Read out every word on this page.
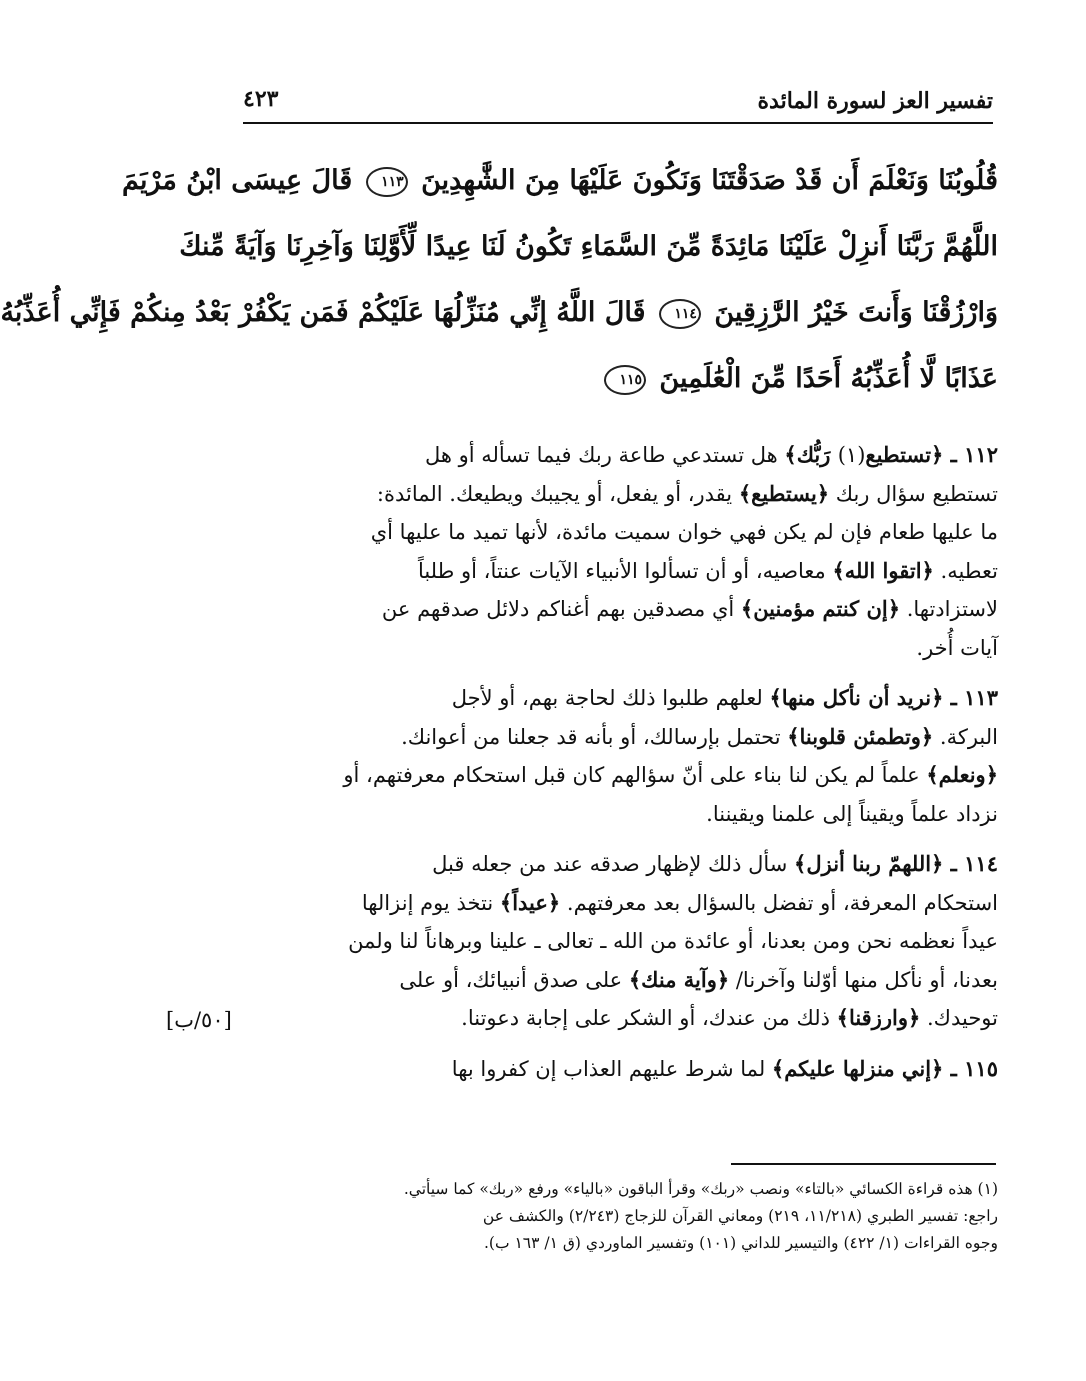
تفسير العز لسورة المائدة
٤٢٣
قُلُوبُنَا وَنَعْلَمَ أَن قَدْ صَدَقْتَنَا وَنَكُونَ عَلَيْهَا مِنَ الشَّٰهِدِينَ ١١٣ قَالَ عِيسَى ابْنُ مَرْيَمَ
اللَّهُمَّ رَبَّنَا أَنزِلْ عَلَيْنَا مَائِدَةً مِّنَ السَّمَاءِ تَكُونُ لَنَا عِيدًا لِّأَوَّلِنَا وَآخِرِنَا وَآيَةً مِّنكَ
وَارْزُقْنَا وَأَنتَ خَيْرُ الرَّٰزِقِينَ ١١٤ قَالَ اللَّهُ إِنِّي مُنَزِّلُهَا عَلَيْكُمْ فَمَن يَكْفُرْ بَعْدُ مِنكُمْ فَإِنِّي أُعَذِّبُهُ
عَذَابًا لَّا أُعَذِّبُهُ أَحَدًا مِّنَ الْعَٰلَمِينَ ١١٥
١١٢ ـ ﴿تستطيع(١) رَبُّك﴾ هل تستدعي طاعة ربك فيما تسأله أو هل
تستطيع سؤال ربك ﴿يستطيع﴾ يقدر، أو يفعل، أو يجيبك ويطيعك. المائدة:
ما عليها طعام فإن لم يكن فهي خوان سميت مائدة، لأنها تميد ما عليها أي
تعطيه. ﴿اتقوا الله﴾ معاصيه، أو أن تسألوا الأنبياء الآيات عنتاً، أو طلباً
لاستزادتها. ﴿إن كنتم مؤمنين﴾ أي مصدقين بهم أغناكم دلائل صدقهم عن
آيات أُخر.
١١٣ ـ ﴿نريد أن نأكل منها﴾ لعلهم طلبوا ذلك لحاجة بهم، أو لأجل
البركة. ﴿وتطمئن قلوبنا﴾ تحتمل بإرسالك، أو بأنه قد جعلنا من أعوانك.
﴿ونعلم﴾ علماً لم يكن لنا بناء على أنّ سؤالهم كان قبل استحكام معرفتهم، أو
نزداد علماً ويقيناً إلى علمنا ويقيننا.
١١٤ ـ ﴿اللهمّ ربنا أنزل﴾ سأل ذلك لإظهار صدقه عند من جعله قبل
استحكام المعرفة، أو تفضل بالسؤال بعد معرفتهم. ﴿عيداً﴾ نتخذ يوم إنزالها
عيداً نعظمه نحن ومن بعدنا، أو عائدة من الله ـ تعالى ـ علينا وبرهاناً لنا ولمن
بعدنا، أو نأكل منها أوّلنا وآخرنا/ ﴿وآية منك﴾ على صدق أنبيائك، أو على
توحيدك. ﴿وارزقنا﴾ ذلك من عندك، أو الشكر على إجابة دعوتنا.
١١٥ ـ ﴿إني منزلها عليكم﴾ لما شرط عليهم العذاب إن كفروا بها
[٥٠/ب]
(١) هذه قراءة الكسائي «بالتاء» ونصب «ربك» وقرأ الباقون «بالياء» ورفع «ربك» كما سيأتي.
راجع: تفسير الطبري (١١/٢١٨، ٢١٩) ومعاني القرآن للزجاج (٢/٢٤٣) والكشف عن
وجوه القراءات (١/ ٤٢٢) والتيسير للداني (١٠١) وتفسير الماوردي (ق ١/ ١٦٣ ب).
